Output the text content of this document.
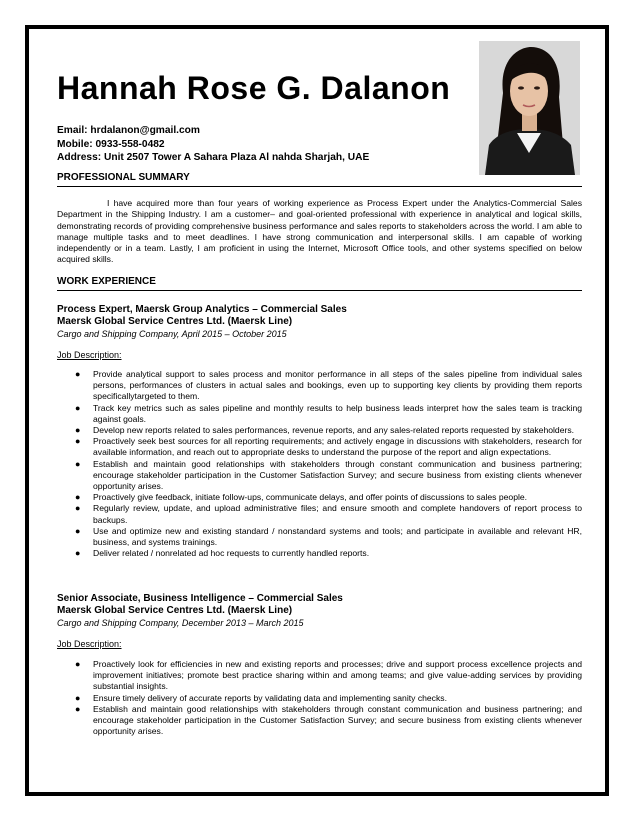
Hannah Rose G. Dalanon
Email: hrdalanon@gmail.com
Mobile: 0933-558-0482
Address: Unit 2507 Tower A Sahara Plaza Al nahda Sharjah, UAE
PROFESSIONAL SUMMARY
I have acquired more than four years of working experience as Process Expert under the Analytics-Commercial Sales Department in the Shipping Industry. I am a customer– and goal-oriented professional with experience in analytical and logical skills, demonstrating records of providing comprehensive business performance and sales reports to stakeholders across the world. I am able to manage multiple tasks and to meet deadlines. I have strong communication and interpersonal skills. I am capable of working independently or in a team. Lastly, I am proficient in using the Internet, Microsoft Office tools, and other systems specified on below acquired skills.
WORK EXPERIENCE
Process Expert, Maersk Group Analytics – Commercial Sales
Maersk Global Service Centres Ltd. (Maersk Line)
Cargo and Shipping Company, April 2015 – October 2015
Job Description:
● Provide analytical support to sales process and monitor performance in all steps of the sales pipeline from individual sales persons, performances of clusters in actual sales and bookings, even up to supporting key clients by providing them reports specificallytargeted to them.
● Track key metrics such as sales pipeline and monthly results to help business leads interpret how the sales team is tracking against goals.
● Develop new reports related to sales performances, revenue reports, and any sales-related reports requested by stakeholders.
● Proactively seek best sources for all reporting requirements; and actively engage in discussions with stakeholders, research for available information, and reach out to appropriate desks to understand the purpose of the report and align expectations.
● Establish and maintain good relationships with stakeholders through constant communication and business partnering; encourage stakeholder participation in the Customer Satisfaction Survey; and secure business from existing clients whenever opportunity arises.
● Proactively give feedback, initiate follow-ups, communicate delays, and offer points of discussions to sales people.
● Regularly review, update, and upload administrative files; and ensure smooth and complete handovers of report process to backups.
● Use and optimize new and existing standard / nonstandard systems and tools; and participate in available and relevant HR, business, and systems trainings.
● Deliver related / nonrelated ad hoc requests to currently handled reports.
Senior Associate, Business Intelligence – Commercial Sales
Maersk Global Service Centres Ltd. (Maersk Line)
Cargo and Shipping Company, December 2013 – March 2015
Job Description:
● Proactively look for efficiencies in new and existing reports and processes; drive and support process excellence projects and improvement initiatives; promote best practice sharing within and among teams; and give value-adding services by providing substantial insights.
● Ensure timely delivery of accurate reports by validating data and implementing sanity checks.
● Establish and maintain good relationships with stakeholders through constant communication and business partnering; and encourage stakeholder participation in the Customer Satisfaction Survey; and secure business from existing clients whenever opportunity arises.
